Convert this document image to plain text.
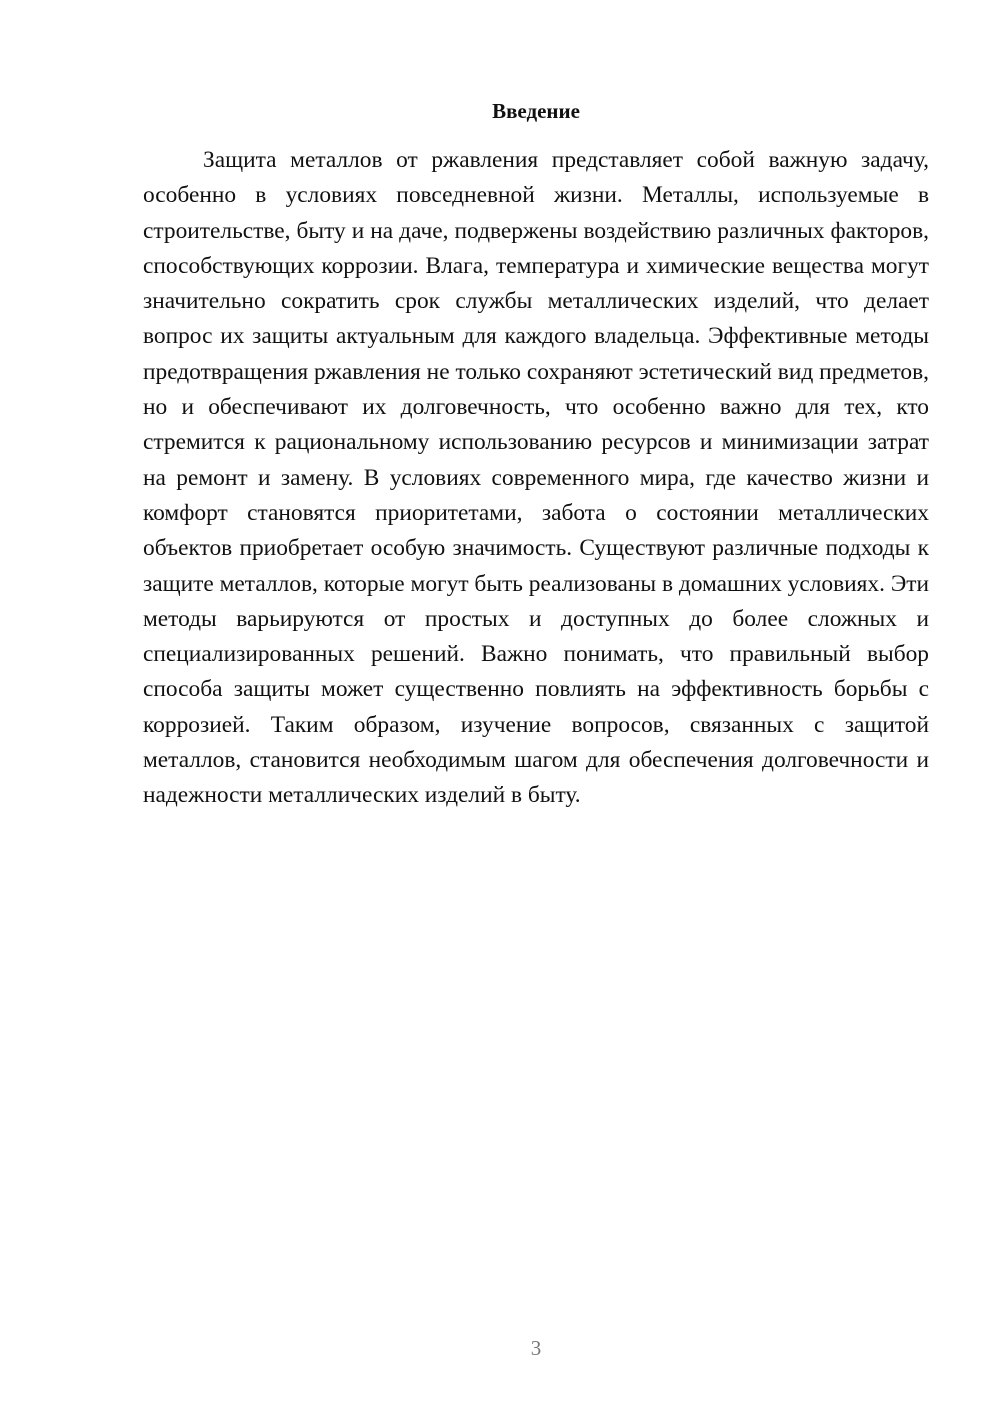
Введение

Защита металлов от ржавления представляет собой важную задачу, особенно в условиях повседневной жизни. Металлы, используемые в строительстве, быту и на даче, подвержены воздействию различных факторов, способствующих коррозии. Влага, температура и химические вещества могут значительно сократить срок службы металлических изделий, что делает вопрос их защиты актуальным для каждого владельца. Эффективные методы предотвращения ржавления не только сохраняют эстетический вид предметов, но и обеспечивают их долговечность, что особенно важно для тех, кто стремится к рациональному использованию ресурсов и минимизации затрат на ремонт и замену. В условиях современного мира, где качество жизни и комфорт становятся приоритетами, забота о состоянии металлических объектов приобретает особую значимость. Существуют различные подходы к защите металлов, которые могут быть реализованы в домашних условиях. Эти методы варьируются от простых и доступных до более сложных и специализированных решений. Важно понимать, что правильный выбор способа защиты может существенно повлиять на эффективность борьбы с коррозией. Таким образом, изучение вопросов, связанных с защитой металлов, становится необходимым шагом для обеспечения долговечности и надежности металлических изделий в быту.

3
